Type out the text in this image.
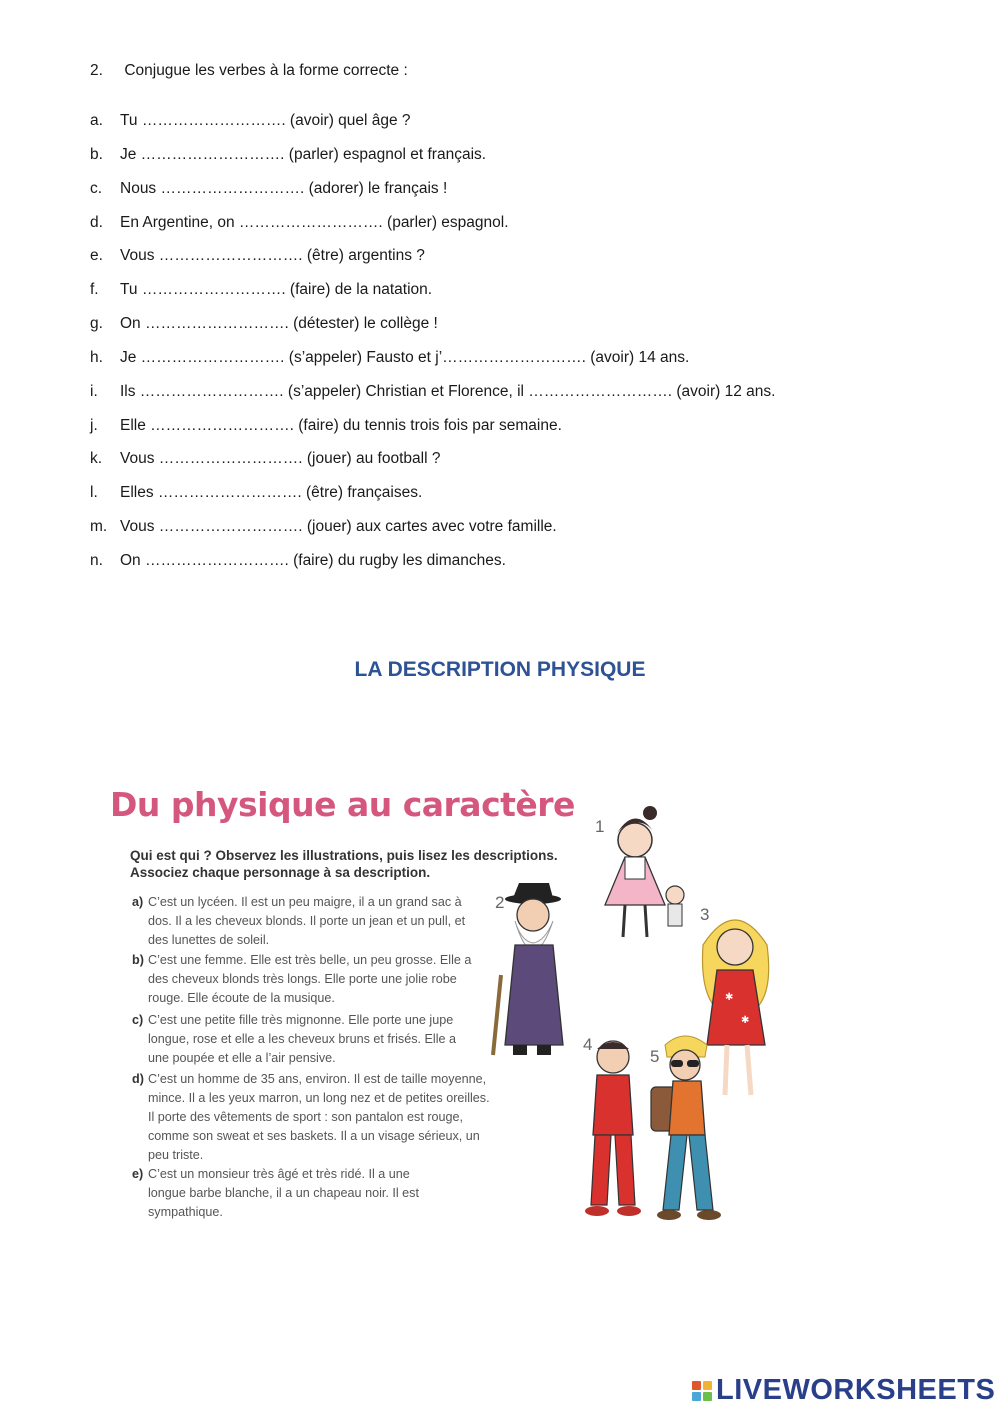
2. Conjugue les verbes à la forme correcte :
a.	Tu ………………………. (avoir) quel âge ?
b.	Je ………………………. (parler) espagnol et français.
c.	Nous ………………………. (adorer) le français !
d.	En Argentine, on ………………………. (parler) espagnol.
e.	Vous ………………………. (être) argentins ?
f.	Tu ………………………. (faire) de la natation.
g.	On ………………………. (détester) le collège !
h.	Je ………………………. (s’appeler) Fausto et j’………………………. (avoir) 14 ans.
i.	Ils ………………………. (s’appeler) Christian et Florence, il ………………………. (avoir) 12 ans.
j.	Elle ………………………. (faire) du tennis trois fois par semaine.
k.	Vous ………………………. (jouer) au football ?
l.	Elles ………………………. (être) françaises.
m. Vous ………………………. (jouer) aux cartes avec votre famille.
n.	On ………………………. (faire) du rugby les dimanches.
LA DESCRIPTION PHYSIQUE
Du physique au caractère
Qui est qui ? Observez les illustrations, puis lisez les descriptions.
Associez chaque personnage à sa description.
a) C’est un lycéen. Il est un peu maigre, il a un grand sac à dos. Il a les cheveux blonds. Il porte un jean et un pull, et des lunettes de soleil.
b) C’est une femme. Elle est très belle, un peu grosse. Elle a des cheveux blonds très longs. Elle porte une jolie robe rouge. Elle écoute de la musique.
c) C’est une petite fille très mignonne. Elle porte une jupe longue, rose et elle a les cheveux bruns et frisés. Elle a une poupée et elle a l’air pensive.
d) C’est un homme de 35 ans, environ. Il est de taille moyenne, mince. Il a les yeux marron, un long nez et de petites oreilles. Il porte des vêtements de sport : son pantalon est rouge, comme son sweat et ses baskets. Il a un visage sérieux, un peu triste.
e) C’est un monsieur très âgé et très ridé. Il a une longue barbe blanche, il a un chapeau noir. Il est sympathique.
1
2
3
4
5
✱
✱
LIVEWORKSHEETS
